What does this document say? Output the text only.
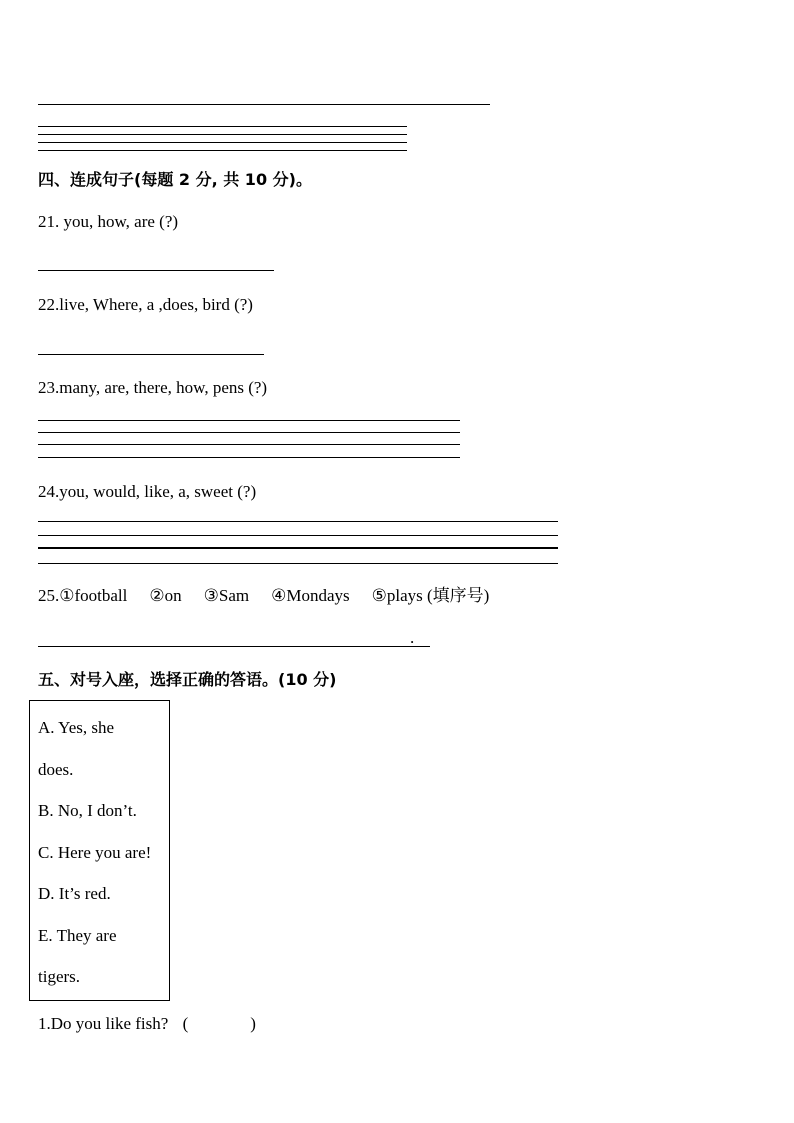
四、连成句子(每题 2 分, 共 10 分)。
21. you, how, are (?)
22.live, Where, a ,does, bird (?)
23.many, are, there, how, pens (?)
24.you, would, like, a, sweet (?)
25.①football ②on ③Sam ④Mondays ⑤plays (填序号)
.
五、对号入座，选择正确的答语。(10 分)
A. Yes, she
does.
B. No, I don’t.
C. Here you are!
D. It’s red.
E. They are
tigers.
1.Do you like fish? (	)
